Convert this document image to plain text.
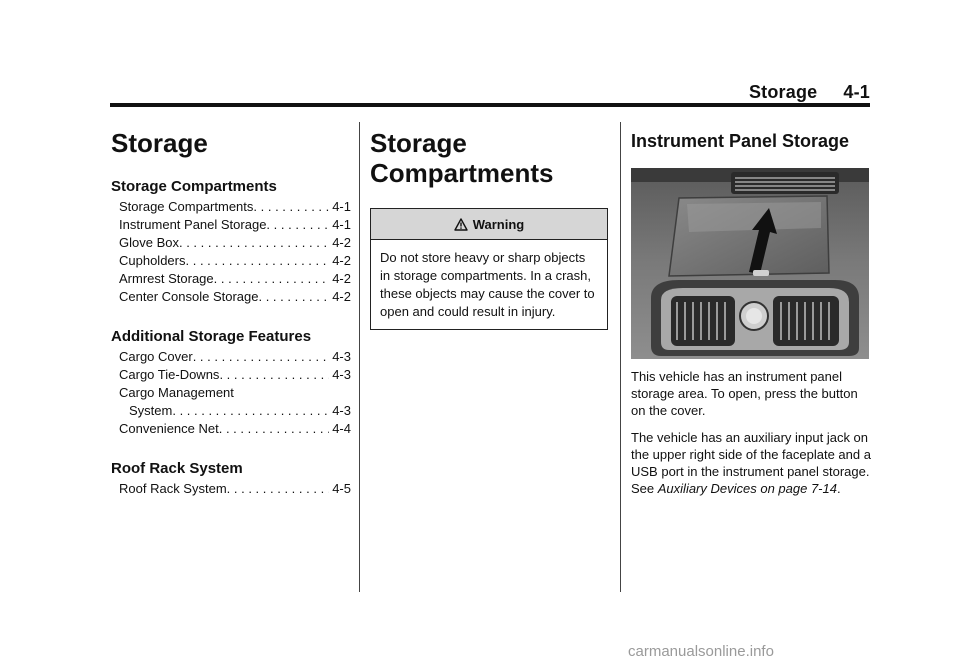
Storage 4-1
Storage
Storage Compartments
Storage Compartments . . .	4-1
Instrument Panel Storage . . .	4-1
Glove Box . . .	4-2
Cupholders . . .	4-2
Armrest Storage . . .	4-2
Center Console Storage . . .	4-2
Additional Storage Features
Cargo Cover . . .	4-3
Cargo Tie-Downs . . .	4-3
Cargo Management
System . . .	4-3
Convenience Net . . .	4-4
Roof Rack System
Roof Rack System . . .	4-5
Storage
Compartments
Warning
Do not store heavy or sharp objects in storage compartments. In a crash, these objects may cause the cover to open and could result in injury.
Instrument Panel Storage

This vehicle has an instrument panel storage area. To open, press the button on the cover.

The vehicle has an auxiliary input jack on the upper right side of the faceplate and a USB port in the instrument panel storage. See Auxiliary Devices on page 7-14.

carmanualsonline.info
